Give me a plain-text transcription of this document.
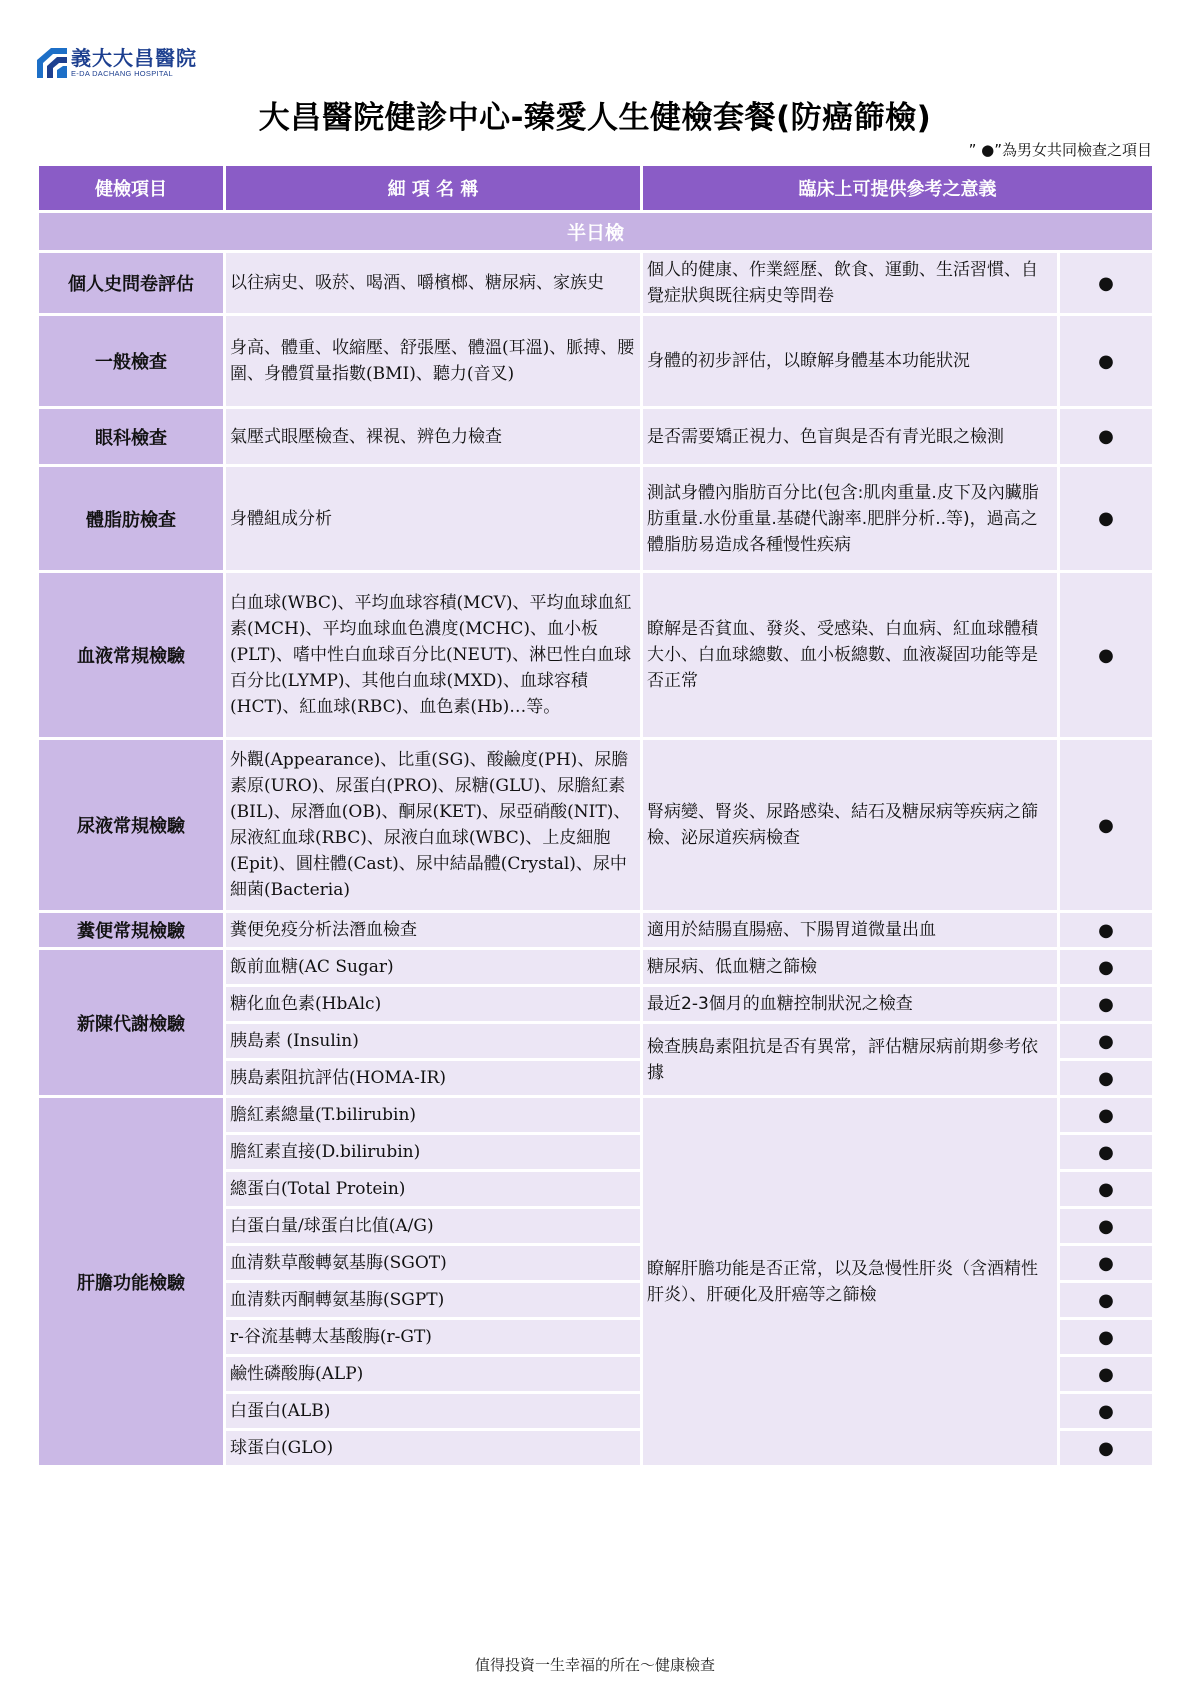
義大大昌醫院
E-DA DACHANG HOSPITAL
大昌醫院健診中心-臻愛人生健檢套餐(防癌篩檢)
” ●”為男女共同檢查之項目
健檢項目	細 項 名 稱	臨床上可提供參考之意義	
半日檢			
個人史問卷評估	以往病史、吸菸、喝酒、嚼檳榔、糖尿病、家族史	個人的健康、作業經歷、飲食、運動、生活習慣、自覺症狀與既往病史等問卷	●
一般檢查	身高、體重、收縮壓、舒張壓、體溫(耳溫)、脈搏、腰圍、身體質量指數(BMI)、聽力(音叉)	身體的初步評估，以瞭解身體基本功能狀況	●
眼科檢查	氣壓式眼壓檢查、裸視、辨色力檢查	是否需要矯正視力、色盲與是否有青光眼之檢測	●
體脂肪檢查	身體組成分析	測試身體內脂肪百分比(包含:肌肉重量.皮下及內臟脂肪重量.水份重量.基礎代謝率.肥胖分析..等)，過高之體脂肪易造成各種慢性疾病	●
血液常規檢驗	白血球(WBC)、平均血球容積(MCV)、平均血球血紅素(MCH)、平均血球血色濃度(MCHC)、血小板(PLT)、嗜中性白血球百分比(NEUT)、淋巴性白血球百分比(LYMP)、其他白血球(MXD)、血球容積(HCT)、紅血球(RBC)、血色素(Hb)…等。	瞭解是否貧血、發炎、受感染、白血病、紅血球體積大小、白血球總數、血小板總數、血液凝固功能等是否正常	●
尿液常規檢驗	外觀(Appearance)、比重(SG)、酸鹼度(PH)、尿膽素原(URO)、尿蛋白(PRO)、尿糖(GLU)、尿膽紅素(BIL)、尿潛血(OB)、酮尿(KET)、尿亞硝酸(NIT)、尿液紅血球(RBC)、尿液白血球(WBC)、上皮細胞(Epit)、圓柱體(Cast)、尿中結晶體(Crystal)、尿中細菌(Bacteria)	腎病變、腎炎、尿路感染、結石及糖尿病等疾病之篩檢、泌尿道疾病檢查	●
糞便常規檢驗	糞便免疫分析法潛血檢查	適用於結腸直腸癌、下腸胃道微量出血	●
新陳代謝檢驗	飯前血糖(AC Sugar)	糖尿病、低血糖之篩檢	●
	糖化血色素(HbAlc)	最近2-3個月的血糖控制狀況之檢查	●
	胰島素 (Insulin)	檢查胰島素阻抗是否有異常，評估糖尿病前期參考依據	●
	胰島素阻抗評估(HOMA-IR)		●
肝膽功能檢驗	膽紅素總量(T.bilirubin)	瞭解肝膽功能是否正常，以及急慢性肝炎（含酒精性肝炎）、肝硬化及肝癌等之篩檢	●
	膽紅素直接(D.bilirubin)		●
	總蛋白(Total Protein)		●
	白蛋白量/球蛋白比值(A/G)		●
	血清麩草酸轉氨基脢(SGOT)		●
	血清麩丙酮轉氨基脢(SGPT)		●
	r-谷流基轉太基酸脢(r-GT)		●
	鹼性磷酸脢(ALP)		●
	白蛋白(ALB)		●
	球蛋白(GLO)		●
值得投資一生幸福的所在～健康檢查
